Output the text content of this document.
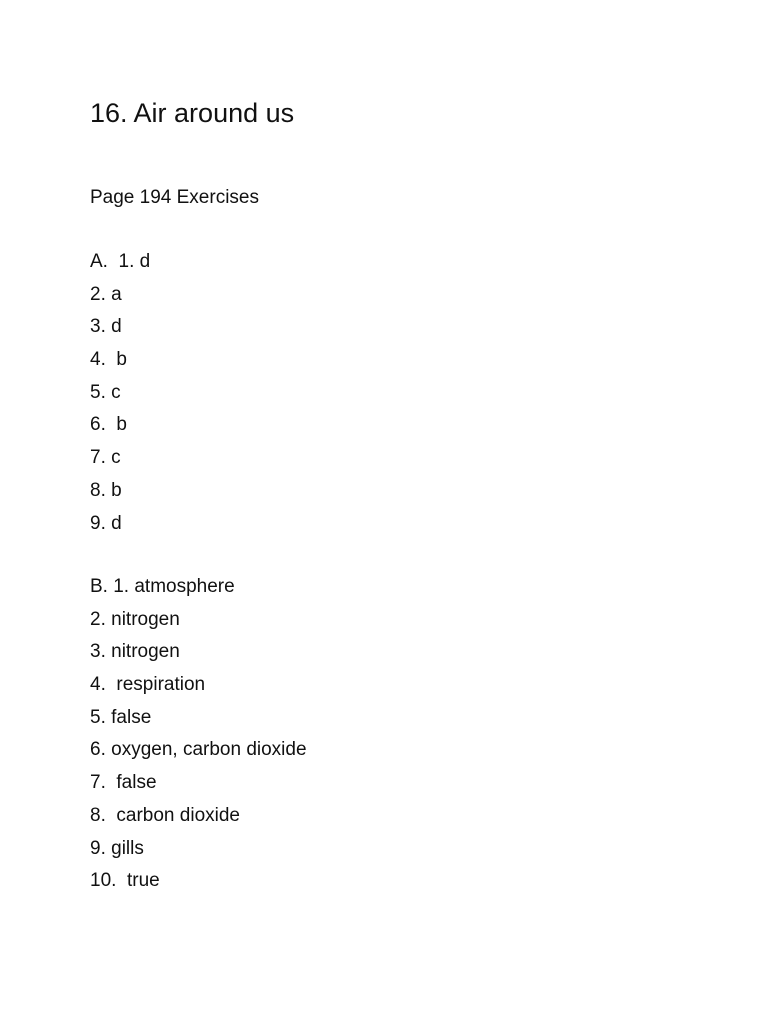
16. Air around us

Page 194 Exercises

A.  1. d
2. a
3. d
4.  b
5. c
6.  b
7. c
8. b
9. d
B. 1. atmosphere
2. nitrogen
3. nitrogen
4.  respiration
5. false
6. oxygen, carbon dioxide
7.  false
8.  carbon dioxide
9. gills
10.  true
